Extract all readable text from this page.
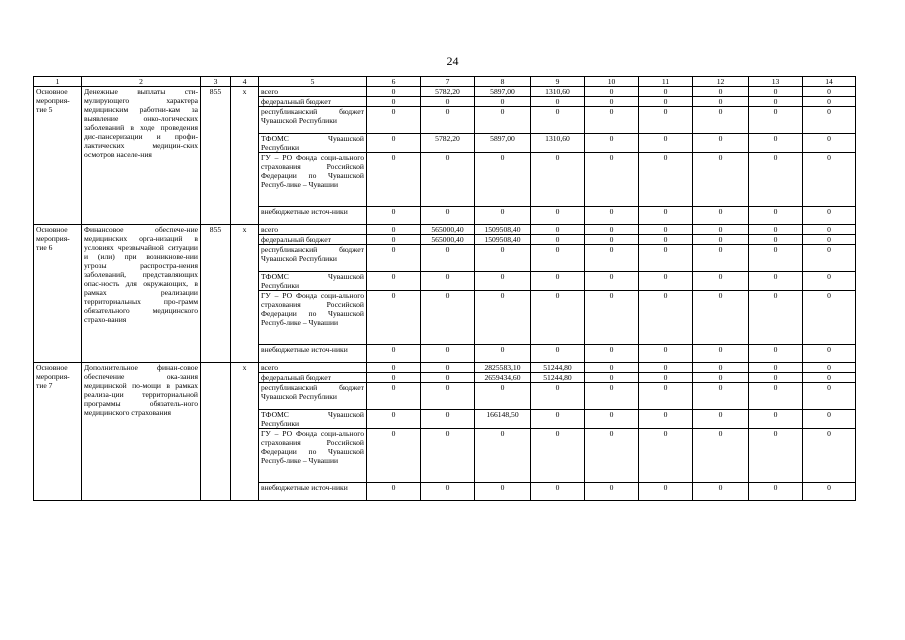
24
1	2	3	4	5	6	7	8	9	10	11	12	13	14
Основное мероприя-тие 5	Денежные выплаты сти-мулирующего характера медицинским работни-кам за выявление онко-логических заболеваний в ходе проведения дис-пансеризации и профи-лактических медицин-ских осмотров населе-ния	855	х	всего	0	5782,20	5897,00	1310,60	0	0	0	0	0
				федеральный бюджет	0	0	0	0	0	0	0	0	0
				республиканский бюджет Чувашской Республики	0	0	0	0	0	0	0	0	0
				ТФОМС Чувашской Республики	0	5782,20	5897,00	1310,60	0	0	0	0	0
				ГУ – РО Фонда соци-ального страхования Российской Федерации по Чувашской Респуб-лике – Чувашии	0	0	0	0	0	0	0	0	0
				внебюджетные источ-ники	0	0	0	0	0	0	0	0	0
Основное мероприя-тие 6	Финансовое обеспече-ние медицинских орга-низаций в условиях чрезвычайной ситуации и (или) при возникнове-нии угрозы распростра-нения заболеваний, представляющих опас-ность для окружающих, в рамках реализации территориальных про-грамм обязательного медицинского страхо-вания	855	х	всего	0	565000,40	1509508,40	0	0	0	0	0	0
				федеральный бюджет	0	565000,40	1509508,40	0	0	0	0	0	0
				республиканский бюджет Чувашской Республики	0	0	0	0	0	0	0	0	0
				ТФОМС Чувашской Республики	0	0	0	0	0	0	0	0	0
				ГУ – РО Фонда соци-ального страхования Российской Федерации по Чувашской Респуб-лике – Чувашии	0	0	0	0	0	0	0	0	0
				внебюджетные источ-ники	0	0	0	0	0	0	0	0	0
Основное мероприя-тие 7	Дополнительное финан-совое обеспечение ока-зания медицинской по-мощи в рамках реализа-ции территориальной программы обязатель-ного медицинского страхования		х	всего	0	0	2825583,10	51244,80	0	0	0	0	0
				федеральный бюджет	0	0	2659434,60	51244,80	0	0	0	0	0
				республиканский бюджет Чувашской Республики	0	0	0	0	0	0	0	0	0
				ТФОМС Чувашской Республики	0	0	166148,50	0	0	0	0	0	0
				ГУ – РО Фонда соци-ального страхования Российской Федерации по Чувашской Респуб-лике – Чувашии	0	0	0	0	0	0	0	0	0
				внебюджетные источ-ники	0	0	0	0	0	0	0	0	0
